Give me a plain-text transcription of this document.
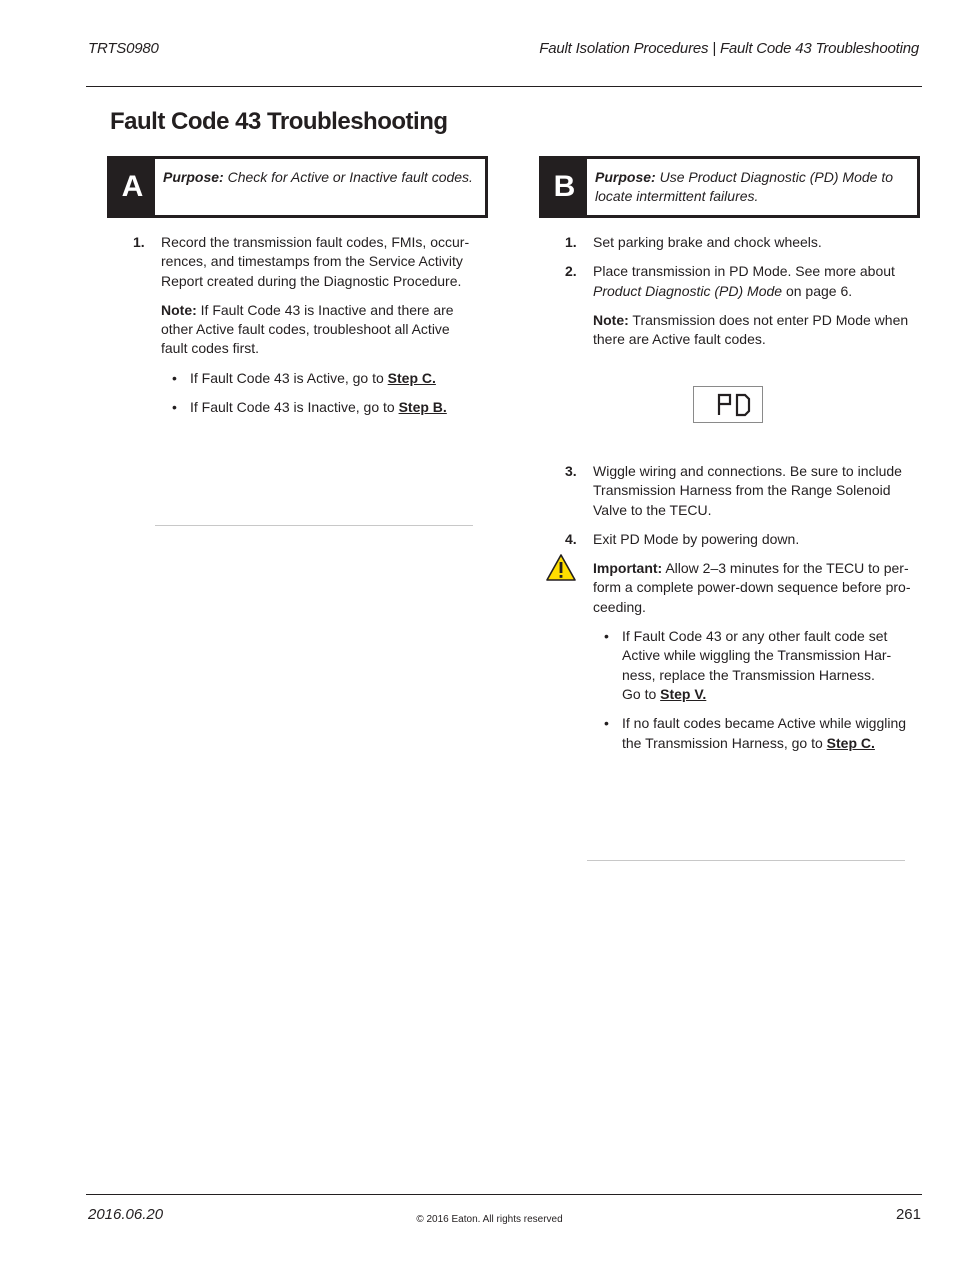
TRTS0980	Fault Isolation Procedures | Fault Code 43 Troubleshooting
Fault Code 43 Troubleshooting
A	Purpose: Check for Active or Inactive fault codes.
1. Record the transmission fault codes, FMIs, occur-rences, and timestamps from the Service Activity Report created during the Diagnostic Procedure.
Note: If Fault Code 43 is Inactive and there are other Active fault codes, troubleshoot all Active fault codes first.
• If Fault Code 43 is Active, go to Step C.
• If Fault Code 43 is Inactive, go to Step B.
B	Purpose: Use Product Diagnostic (PD) Mode to locate intermittent failures.
1. Set parking brake and chock wheels.
2. Place transmission in PD Mode. See more about Product Diagnostic (PD) Mode on page 6.
Note: Transmission does not enter PD Mode when there are Active fault codes.
3. Wiggle wiring and connections. Be sure to include Transmission Harness from the Range Solenoid Valve to the TECU.
4. Exit PD Mode by powering down.
Important: Allow 2–3 minutes for the TECU to per-form a complete power-down sequence before pro-ceeding.
• If Fault Code 43 or any other fault code set Active while wiggling the Transmission Har-ness, replace the Transmission Harness.
Go to Step V.
• If no fault codes became Active while wiggling the Transmission Harness, go to Step C.
2016.06.20	© 2016 Eaton. All rights reserved	261
